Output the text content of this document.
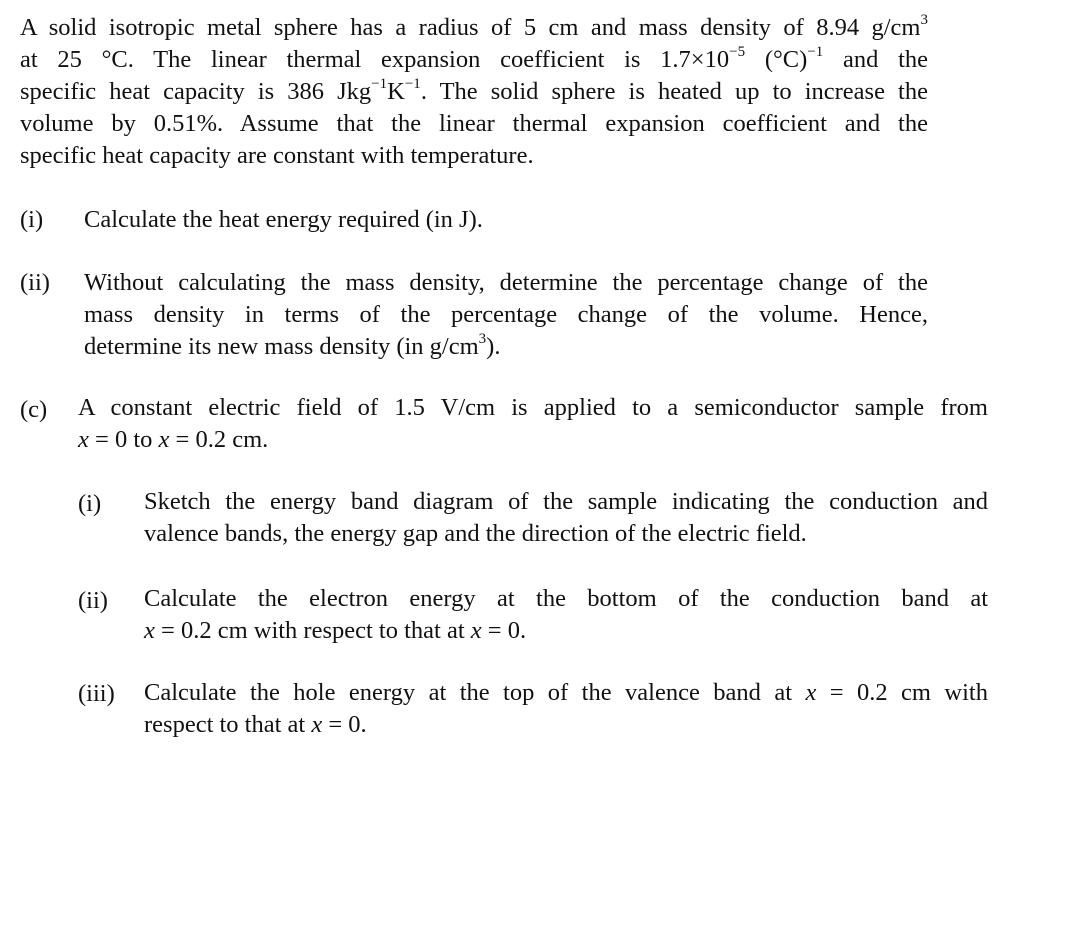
A solid isotropic metal sphere has a radius of 5 cm and mass density of 8.94 $g/cm^3$
at 25 °C. The linear thermal expansion coefficient is $1.7\times 10^{-5}$ $(^\circ C)^{-1}$ and the
specific heat capacity is 386 $Jkg^{-1}K^{-1}$. The solid sphere is heated up to increase the
volume by 0.51%. Assume that the linear thermal expansion coefficient and the
specific heat capacity are constant with temperature.
(i) Calculate the heat energy required (in J).
(ii) Without calculating the mass density, determine the percentage change of the
mass density in terms of the percentage change of the volume. Hence,
determine its new mass density (in $g/cm^3$).
(c) A constant electric field of 1.5 V/cm is applied to a semiconductor sample from
x = 0 to x = 0.2 cm.
(i) Sketch the energy band diagram of the sample indicating the conduction and
valence bands, the energy gap and the direction of the electric field.
(ii) Calculate the electron energy at the bottom of the conduction band at
x = 0.2 cm with respect to that at x = 0.
(iii) Calculate the hole energy at the top of the valence band at x = 0.2 cm with
respect to that at x = 0.
